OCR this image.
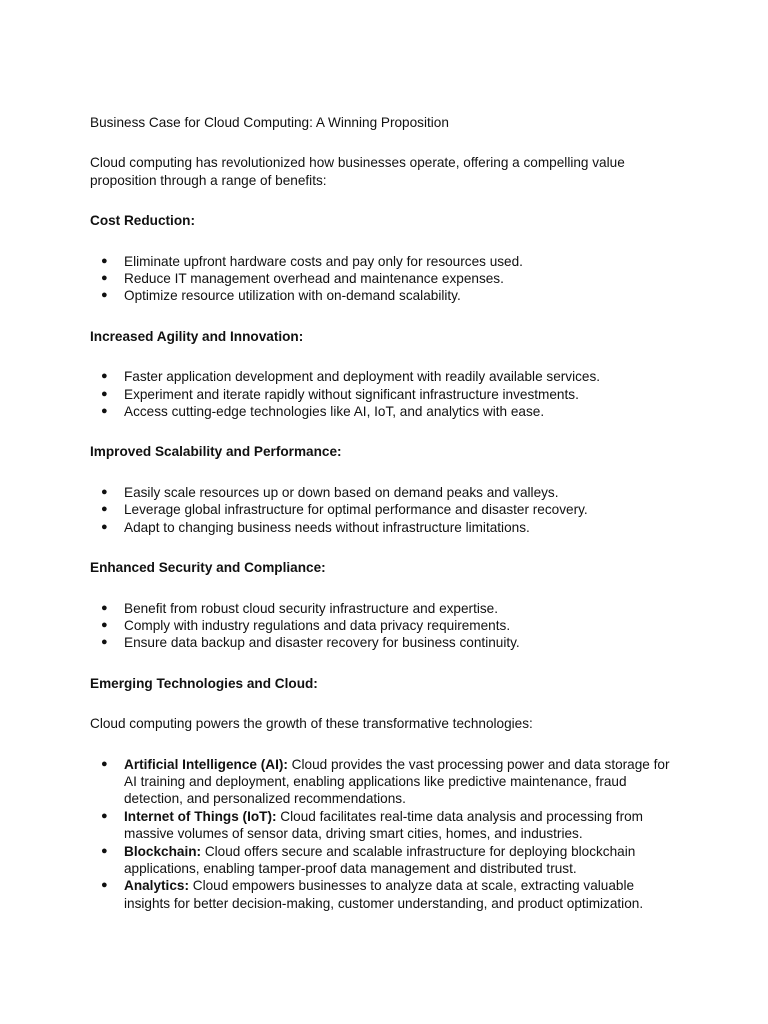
Business Case for Cloud Computing: A Winning Proposition

Cloud computing has revolutionized how businesses operate, offering a compelling value proposition through a range of benefits:

Cost Reduction:

● Eliminate upfront hardware costs and pay only for resources used.
● Reduce IT management overhead and maintenance expenses.
● Optimize resource utilization with on-demand scalability.

Increased Agility and Innovation:

● Faster application development and deployment with readily available services.
● Experiment and iterate rapidly without significant infrastructure investments.
● Access cutting-edge technologies like AI, IoT, and analytics with ease.

Improved Scalability and Performance:

● Easily scale resources up or down based on demand peaks and valleys.
● Leverage global infrastructure for optimal performance and disaster recovery.
● Adapt to changing business needs without infrastructure limitations.

Enhanced Security and Compliance:

● Benefit from robust cloud security infrastructure and expertise.
● Comply with industry regulations and data privacy requirements.
● Ensure data backup and disaster recovery for business continuity.

Emerging Technologies and Cloud:

Cloud computing powers the growth of these transformative technologies:

● Artificial Intelligence (AI): Cloud provides the vast processing power and data storage for AI training and deployment, enabling applications like predictive maintenance, fraud detection, and personalized recommendations.
● Internet of Things (IoT): Cloud facilitates real-time data analysis and processing from massive volumes of sensor data, driving smart cities, homes, and industries.
● Blockchain: Cloud offers secure and scalable infrastructure for deploying blockchain applications, enabling tamper-proof data management and distributed trust.
● Analytics: Cloud empowers businesses to analyze data at scale, extracting valuable insights for better decision-making, customer understanding, and product optimization.
